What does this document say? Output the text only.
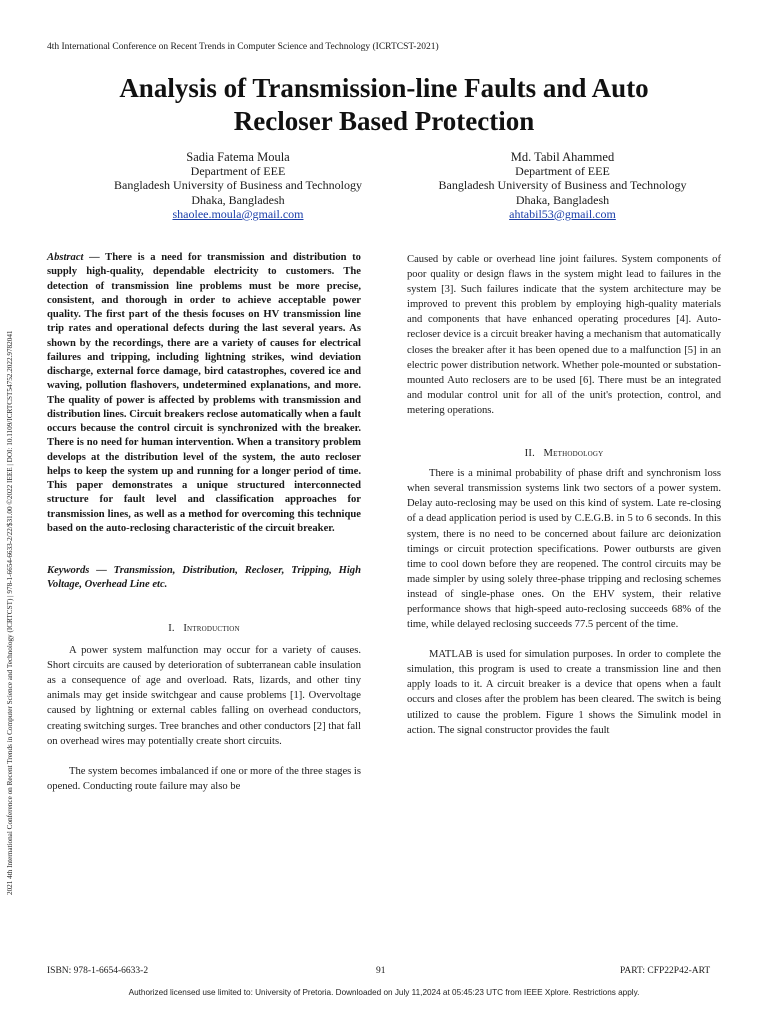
4th International Conference on Recent Trends in Computer Science and Technology (ICRTCST-2021)
2021 4th International Conference on Recent Trends in Computer Science and Technology (ICRTCST) | 978-1-6654-6633-2/22/$31.00 ©2022 IEEE | DOI: 10.1109/ICRTCST54752.2022.9782041
Analysis of Transmission-line Faults and Auto
Recloser Based Protection
Sadia Fatema Moula
Department of EEE
Bangladesh University of Business and Technology
Dhaka, Bangladesh
shaolee.moula@gmail.com
Md. Tabil Ahammed
Department of EEE
Bangladesh University of Business and Technology
Dhaka, Bangladesh
ahtabil53@gmail.com

Abstract — There is a need for transmission and distribution to supply high-quality, dependable electricity to customers. The detection of transmission line problems must be more precise, consistent, and thorough in order to achieve acceptable power quality. The first part of the thesis focuses on HV transmission line trip rates and operational defects during the last several years. As shown by the recordings, there are a variety of causes for electrical failures and tripping, including lightning strikes, wind deviation discharge, external force damage, bird catastrophes, covered ice and waving, pollution flashovers, undetermined explanations, and more. The quality of power is affected by problems with transmission and distribution lines. Circuit breakers reclose automatically when a fault occurs because the control circuit is synchronized with the breaker. There is no need for human intervention. When a transitory problem develops at the distribution level of the system, the auto recloser helps to keep the system up and running for a longer period of time. This paper demonstrates a unique structured interconnected structure for fault level and classification approaches for transmission lines, as well as a method for overcoming this technique based on the auto-reclosing characteristic of the circuit breaker.

Keywords — Transmission, Distribution, Recloser, Tripping, High Voltage, Overhead Line etc.

I. Introduction

A power system malfunction may occur for a variety of causes. Short circuits are caused by deterioration of subterranean cable insulation as a consequence of age and overload. Rats, lizards, and other tiny animals may get inside switchgear and cause problems [1]. Overvoltage caused by lightning or external cables falling on overhead conductors, creating switching surges. Tree branches and other conductors [2] that fall on overhead wires may potentially create short circuits.

The system becomes imbalanced if one or more of the three stages is opened. Conducting route failure may also be

Caused by cable or overhead line joint failures. System components of poor quality or design flaws in the system might lead to failures in the system [3]. Such failures indicate that the system architecture may be improved to prevent this problem by employing high-quality materials and components that have enhanced operating procedures [4]. Auto-recloser device is a circuit breaker having a mechanism that automatically closes the breaker after it has been opened due to a malfunction [5] in an electric power distribution network. Whether pole-mounted or substation-mounted Auto reclosers are to be used [6]. There must be an integrated and modular control unit for all of the unit's protection, control, and metering operations.

II. Methodology

There is a minimal probability of phase drift and synchronism loss when several transmission systems link two sectors of a power system. Delay auto-reclosing may be used on this kind of system. Late re-closing of a dead application period is used by C.E.G.B. in 5 to 6 seconds. In this system, there is no need to be concerned about failure arc deionization timings or circuit protection specifications. Power outbursts are given time to cool down before they are reopened. The control circuits may be made simpler by using solely three-phase tripping and reclosing schemes instead of single-phase ones. On the EHV system, their relative performance shows that high-speed auto-reclosing succeeds 68% of the time, while delayed reclosing succeeds 77.5 percent of the time.

MATLAB is used for simulation purposes. In order to complete the simulation, this program is used to create a transmission line and then apply loads to it. A circuit breaker is a device that opens when a fault occurs and closes after the problem has been cleared. The switch is being utilized to cause the problem. Figure 1 shows the Simulink model in action. The signal constructor provides the fault

ISBN: 978-1-6654-6633-2	91	PART: CFP22P42-ART
Authorized licensed use limited to: University of Pretoria. Downloaded on July 11,2024 at 05:45:23 UTC from IEEE Xplore. Restrictions apply.
